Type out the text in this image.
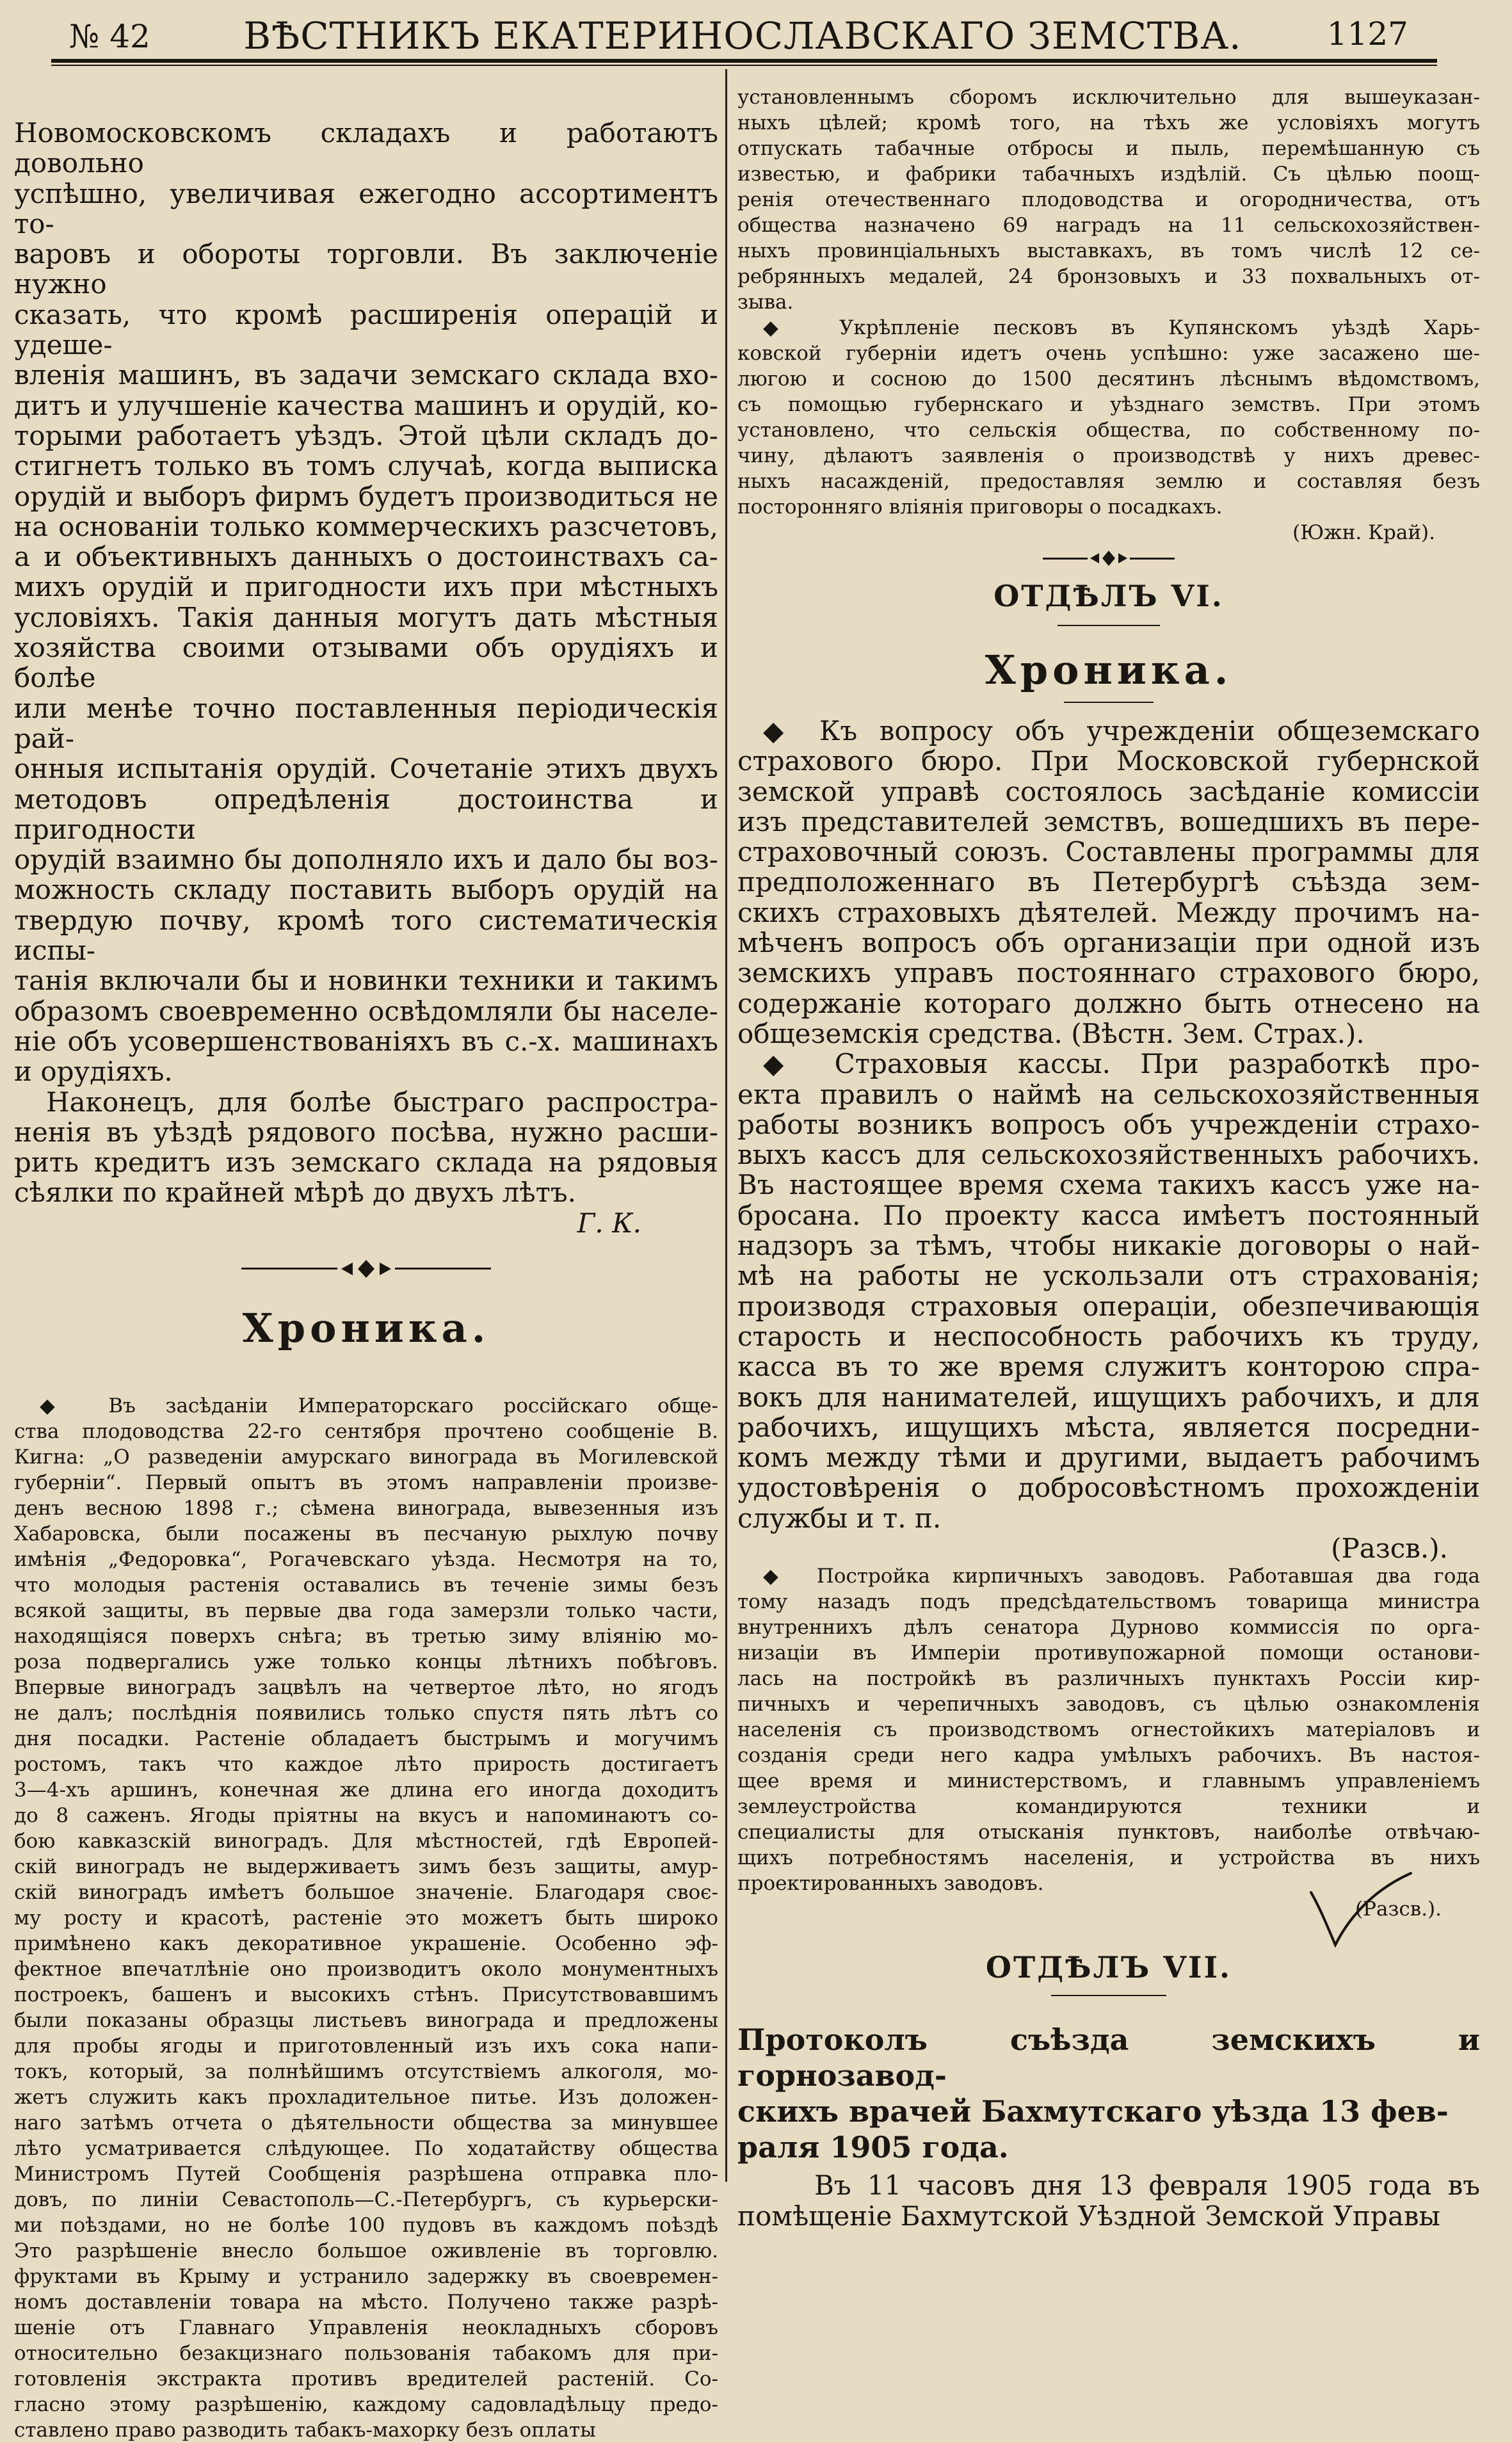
№ 42	ВѢСТНИКЪ ЕКАТЕРИНОСЛАВСКАГО ЗЕМСТВА.	1127

Новомосковскомъ складахъ и работаютъ довольно

успѣшно, увеличивая ежегодно ассортиментъ то-

варовъ и обороты торговли. Въ заключеніе нужно

сказать, что кромѣ расширенія операцій и удеше-

вленія машинъ, въ задачи земскаго склада вхо-

дитъ и улучшеніе качества машинъ и орудій, ко-

торыми работаетъ уѣздъ. Этой цѣли складъ до-

стигнетъ только въ томъ случаѣ, когда выписка

орудій и выборъ фирмъ будетъ производиться не

на основаніи только коммерческихъ разсчетовъ,

а и объективныхъ данныхъ о достоинствахъ са-

михъ орудій и пригодности ихъ при мѣстныхъ

условіяхъ. Такія данныя могутъ дать мѣстныя

хозяйства своими отзывами объ орудіяхъ и болѣе

или менѣе точно поставленныя періодическія рай-

онныя испытанія орудій. Сочетаніе этихъ двухъ

методовъ опредѣленія достоинства и пригодности

орудій взаимно бы дополняло ихъ и дало бы воз-

можность складу поставить выборъ орудій на

твердую почву, кромѣ того систематическія испы-

танія включали бы и новинки техники и такимъ

образомъ своевременно освѣдомляли бы населе-

ніе объ усовершенствованіяхъ въ с.-х. машинахъ

и орудіяхъ.

Наконецъ, для болѣе быстраго распростра-

ненія въ уѣздѣ рядового посѣва, нужно расши-

рить кредитъ изъ земскаго склада на рядовыя

сѣялки по крайней мѣрѣ до двухъ лѣтъ.

Г. К.

Хроника.

◆ Въ засѣданіи Императорскаго россійскаго обще-

ства плодоводства 22-го сентября прочтено сообщеніе В.

Кигна: „О разведеніи амурскаго винограда въ Могилевской

губерніи“. Первый опытъ въ этомъ направленіи произве-

денъ весною 1898 г.; сѣмена винограда, вывезенныя изъ

Хабаровска, были посажены въ песчаную рыхлую почву

имѣнія „Федоровка“, Рогачевскаго уѣзда. Несмотря на то,

что молодыя растенія оставались въ теченіе зимы безъ

всякой защиты, въ первые два года замерзли только части,

находящіяся поверхъ снѣга; въ третью зиму вліянію мо-

роза подвергались уже только концы лѣтнихъ побѣговъ.

Впервые виноградъ зацвѣлъ на четвертое лѣто, но ягодъ

не далъ; послѣднія появились только спустя пять лѣтъ со

дня посадки. Растеніе обладаетъ быстрымъ и могучимъ

ростомъ, такъ что каждое лѣто прирость достигаетъ

3—4-хъ аршинъ, конечная же длина его иногда доходитъ

до 8 саженъ. Ягоды пріятны на вкусъ и напоминаютъ со-

бою кавказскій виноградъ. Для мѣстностей, гдѣ Европей-

скій виноградъ не выдерживаетъ зимъ безъ защиты, амур-

скій виноградъ имѣетъ большое значеніе. Благодаря своє-

му росту и красотѣ, растеніе это можетъ быть широко

примѣнено какъ декоративное украшеніе. Особенно эф-

фектное впечатлѣніе оно производитъ около монументныхъ

построекъ, башенъ и высокихъ стѣнъ. Присутствовавшимъ

были показаны образцы листьевъ винограда и предложены

для пробы ягоды и приготовленный изъ ихъ сока напи-

токъ, который, за полнѣйшимъ отсутствіемъ алкоголя, мо-

жетъ служить какъ прохладительное питье. Изъ доложен-

наго затѣмъ отчета о дѣятельности общества за минувшее

лѣто усматривается слѣдующее. По ходатайству общества

Министромъ Путей Сообщенія разрѣшена отправка пло-

довъ, по линіи Севастополь—С.-Петербургъ, съ курьерски-

ми поѣздами, но не болѣе 100 пудовъ въ каждомъ поѣздѣ

Это разрѣшеніе внесло большое оживленіе въ торговлю.

фруктами въ Крыму и устранило задержку въ своевремен-

номъ доставленіи товара на мѣсто. Получено также разрѣ-

шеніе отъ Главнаго Управленія неокладныхъ сборовъ

относительно безакцизнаго пользованія табакомъ для при-

готовленія экстракта противъ вредителей растеній. Со-

гласно этому разрѣшенію, каждому садовладѣльцу предо-

ставлено право разводить табакъ-махорку безъ оплаты

установленнымъ сборомъ исключительно для вышеуказан-

ныхъ цѣлей; кромѣ того, на тѣхъ же условіяхъ могутъ

отпускать табачные отбросы и пыль, перемѣшанную съ

известью, и фабрики табачныхъ издѣлій. Съ цѣлью поощ-

ренія отечественнаго плодоводства и огородничества, отъ

общества назначено 69 наградъ на 11 сельскохозяйствен-

ныхъ провинціальныхъ выставкахъ, въ томъ числѣ 12 се-

ребрянныхъ медалей, 24 бронзовыхъ и 33 похвальныхъ от-

зыва.

◆ Укрѣпленіе песковъ въ Купянскомъ уѣздѣ Харь-

ковской губерніи идетъ очень успѣшно: уже засажено ше-

люгою и сосною до 1500 десятинъ лѣснымъ вѣдомствомъ,

съ помощью губернскаго и уѣзднаго земствъ. При этомъ

установлено, что сельскія общества, по собственному по-

чину, дѣлаютъ заявленія о производствѣ у нихъ древес-

ныхъ насажденій, предоставляя землю и составляя безъ

посторонняго вліянія приговоры о посадкахъ.

(Южн. Край).

ОТДѢЛЪ VI.
Хроника.

◆ Къ вопросу объ учрежденіи общеземскаго

страхового бюро. При Московской губернской

земской управѣ состоялось засѣданіе комиссіи

изъ представителей земствъ, вошедшихъ въ пере-

страховочный союзъ. Составлены программы для

предположеннаго въ Петербургѣ съѣзда зем-

скихъ страховыхъ дѣятелей. Между прочимъ на-

мѣченъ вопросъ объ организаціи при одной изъ

земскихъ управъ постояннаго страхового бюро,

содержаніе котораго должно быть отнесено на

общеземскія средства. (Вѣстн. Зем. Страх.).

◆ Страховыя кассы. При разработкѣ про-

екта правилъ о наймѣ на сельскохозяйственныя

работы возникъ вопросъ объ учрежденіи страхо-

выхъ кассъ для сельскохозяйственныхъ рабочихъ.

Въ настоящее время схема такихъ кассъ уже на-

бросана. По проекту касса имѣетъ постоянный

надзоръ за тѣмъ, чтобы никакіе договоры о най-

мѣ на работы не ускользали отъ страхованія;

производя страховыя операціи, обезпечивающія

старость и неспособность рабочихъ къ труду,

касса въ то же время служитъ конторою спра-

вокъ для нанимателей, ищущихъ рабочихъ, и для

рабочихъ, ищущихъ мѣста, является посредни-

комъ между тѣми и другими, выдаетъ рабочимъ

удостовѣренія о добросовѣстномъ прохожденіи

службы и т. п.

(Разсв.).

◆ Постройка кирпичныхъ заводовъ. Работавшая два года

тому назадъ подъ предсѣдательствомъ товарища министра

внутреннихъ дѣлъ сенатора Дурново коммиссія по орга-

низаціи въ Имперіи противупожарной помощи останови-

лась на постройкѣ въ различныхъ пунктахъ Россіи кир-

пичныхъ и черепичныхъ заводовъ, съ цѣлью ознакомленія

населенія съ производствомъ огнестойкихъ матеріаловъ и

созданія среди него кадра умѣлыхъ рабочихъ. Въ настоя-

щее время и министерствомъ, и главнымъ управленіемъ

землеустройства командируются техники и

специалисты для отысканія пунктовъ, наиболѣе отвѣчаю-

щихъ потребностямъ населенія, и устройства въ нихъ

проектированныхъ заводовъ.

(Разсв.).

ОТДѢЛЪ VII.

Протоколъ съѣзда земскихъ и горнозавод-

скихъ врачей Бахмутскаго уѣзда 13 фев-

раля 1905 года.

Въ 11 часовъ дня 13 февраля 1905 года въ

помѣщеніе Бахмутской Уѣздной Земской Управы
